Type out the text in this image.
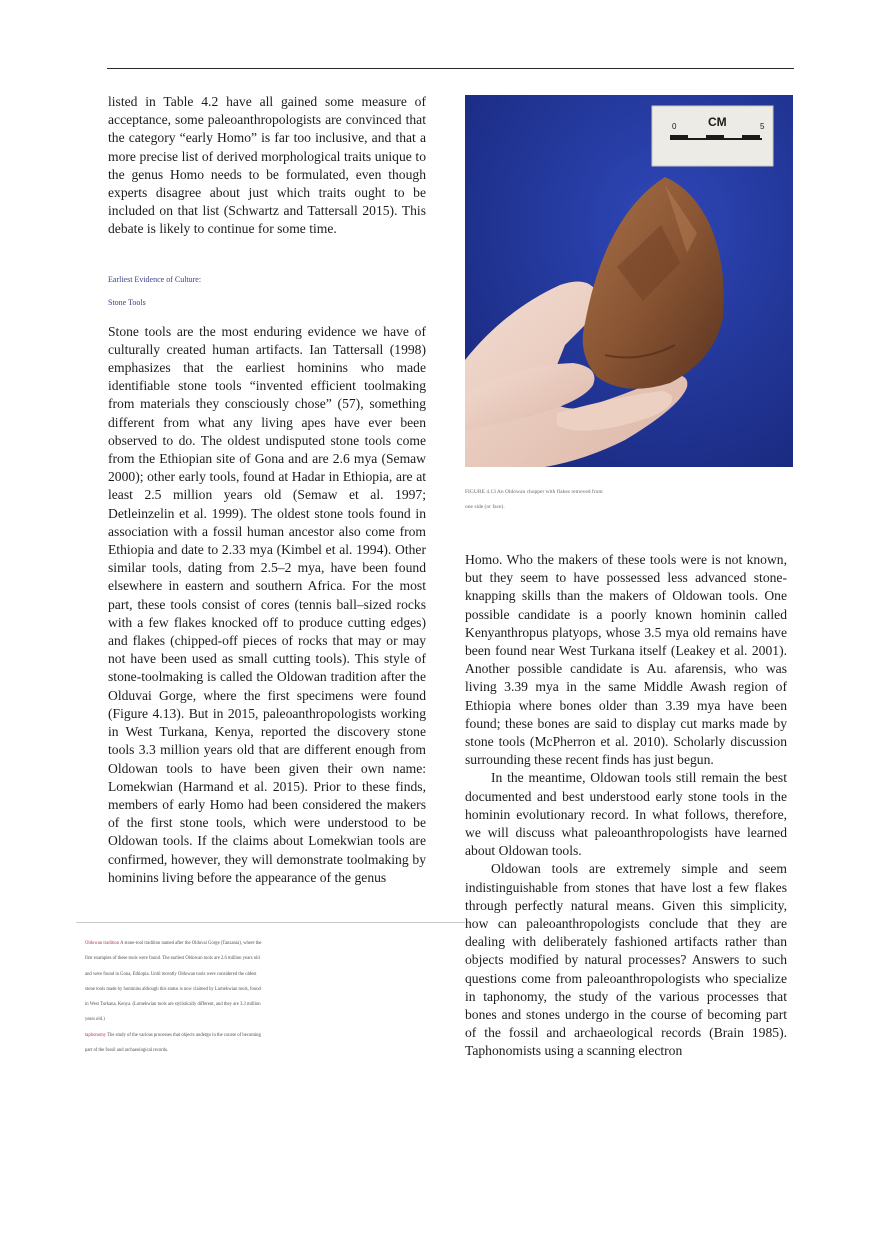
listed in Table 4.2 have all gained some measure of acceptance, some paleoanthropologists are convinced that the category “early Homo” is far too inclusive, and that a more precise list of derived morphological traits unique to the genus Homo needs to be formulated, even though experts disagree about just which traits ought to be included on that list (Schwartz and Tattersall 2015). This debate is likely to continue for some time.

Earliest Evidence of Culture:

Stone Tools

Stone tools are the most enduring evidence we have of culturally created human artifacts. Ian Tattersall (1998) emphasizes that the earliest hominins who made identifiable stone tools “invented efficient toolmaking from materials they consciously chose” (57), something different from what any living apes have ever been observed to do. The oldest undisputed stone tools come from the Ethiopian site of Gona and are 2.6 mya (Semaw 2000); other early tools, found at Hadar in Ethiopia, are at least 2.5 million years old (Semaw et al. 1997; Detleinzelin et al. 1999). The oldest stone tools found in association with a fossil human ancestor also come from Ethiopia and date to 2.33 mya (Kimbel et al. 1994). Other similar tools, dating from 2.5–2 mya, have been found elsewhere in eastern and southern Africa. For the most part, these tools consist of cores (tennis ball–sized rocks with a few flakes knocked off to produce cutting edges) and flakes (chipped-off pieces of rocks that may or may not have been used as small cutting tools). This style of stone-toolmaking is called the Oldowan tradition after the Olduvai Gorge, where the first specimens were found (Figure 4.13). But in 2015, paleoanthropologists working in West Turkana, Kenya, reported the discovery stone tools 3.3 million years old that are different enough from Oldowan tools to have been given their own name: Lomekwian (Harmand et al. 2015). Prior to these finds, members of early Homo had been considered the makers of the first stone tools, which were understood to be Oldowan tools. If the claims about Lomekwian tools are confirmed, however, they will demonstrate toolmaking by hominins living before the appearance of the genus

0	CM	5
FIGURE 4.13 An Oldowan chopper with flakes removed from
one side (or face).

Homo. Who the makers of these tools were is not known, but they seem to have possessed less advanced stone-knapping skills than the makers of Oldowan tools. One possible candidate is a poorly known hominin called Kenyanthropus platyops, whose 3.5 mya old remains have been found near West Turkana itself (Leakey et al. 2001). Another possible candidate is Au. afarensis, who was living 3.39 mya in the same Middle Awash region of Ethiopia where bones older than 3.39 mya have been found; these bones are said to display cut marks made by stone tools (McPherron et al. 2010). Scholarly discussion surrounding these recent finds has just begun.

In the meantime, Oldowan tools still remain the best documented and best understood early stone tools in the hominin evolutionary record. In what follows, therefore, we will discuss what paleoanthropologists have learned about Oldowan tools.

Oldowan tools are extremely simple and seem indistinguishable from stones that have lost a few flakes through perfectly natural means. Given this simplicity, how can paleoanthropologists conclude that they are dealing with deliberately fashioned artifacts rather than objects modified by natural processes? Answers to such questions come from paleoanthropologists who specialize in taphonomy, the study of the various processes that bones and stones undergo in the course of becoming part of the fossil and archaeological records (Brain 1985). Taphonomists using a scanning electron

Oldowan tradition A stone-tool tradition named after the Olduvai Gorge (Tanzania), where the first examples of these tools were found. The earliest Oldowan tools are 2.6 million years old and were found in Gona, Ethiopia. Until recently Oldowan tools were considered the oldest stone tools made by hominins although this status is now claimed by Lomekwian tools, found in West Turkana, Kenya. (Lomekwian tools are stylistically different, and they are 3.3 million years old.)
taphonomy The study of the various processes that objects undergo in the course of becoming part of the fossil and archaeological records.
